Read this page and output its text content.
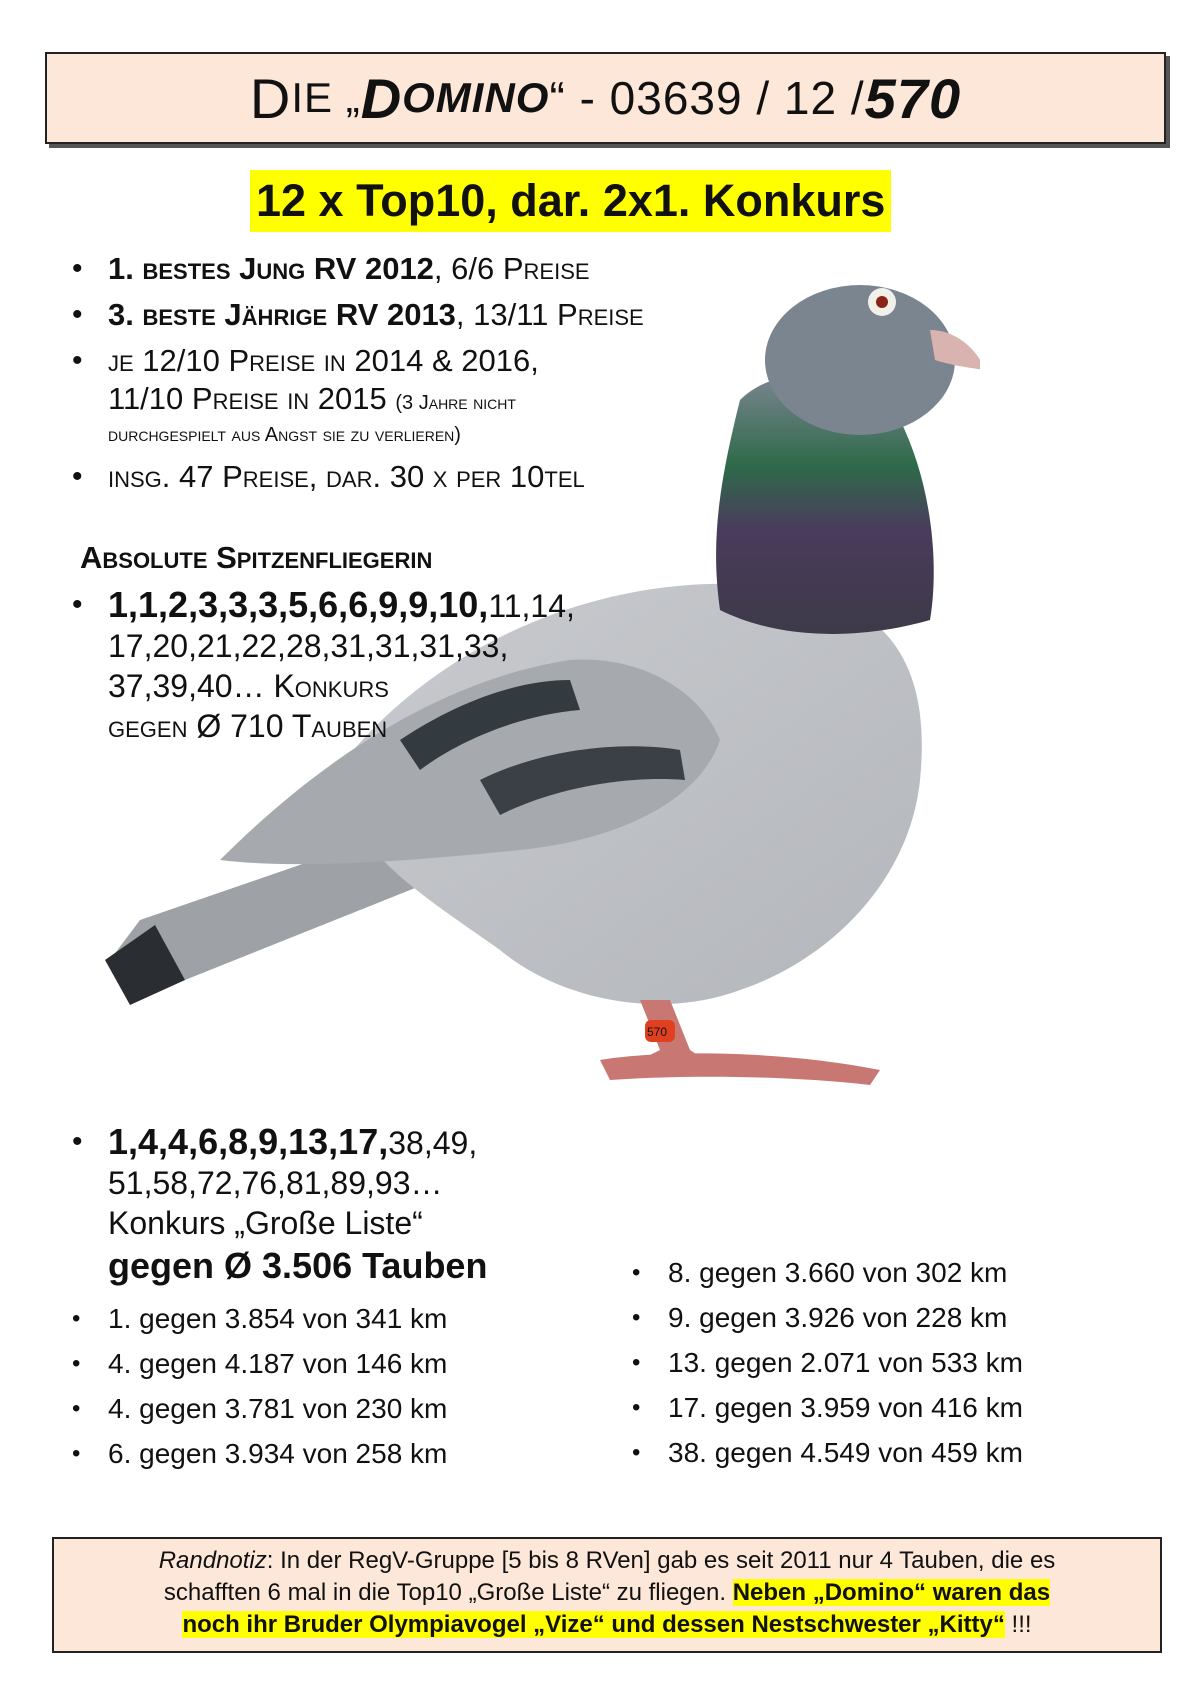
D IE „ D OMINO “ - 03639 / 12 / 570
12 x Top10, dar. 2x1. Konkurs
570
• 1. bestes Jung RV 2012, 6/6 Preise
• 3. beste Jährige RV 2013, 13/11 Preise
• je 12/10 Preise in 2014 & 2016,
11/10 Preise in 2015 (3 Jahre nicht
durchgespielt aus Angst sie zu verlieren)
• insg. 47 Preise, dar. 30 x per 10tel
Absolute Spitzenfliegerin
• 1,1,2,3,3,3,5,6,6,9,9,10,11,14,
17,20,21,22,28,31,31,31,33,
37,39,40… Konkurs
gegen Ø 710 Tauben
• 1,4,4,6,8,9,13,17,38,49,
51,58,72,76,81,89,93…
Konkurs „Große Liste“
gegen Ø 3.506 Tauben
• 1. gegen 3.854 von 341 km
• 4. gegen 4.187 von 146 km
• 4. gegen 3.781 von 230 km
• 6. gegen 3.934 von 258 km
• 8. gegen 3.660 von 302 km
• 9. gegen 3.926 von 228 km
• 13. gegen 2.071 von 533 km
• 17. gegen 3.959 von 416 km
• 38. gegen 4.549 von 459 km
Randnotiz: In der RegV-Gruppe [5 bis 8 RVen] gab es seit 2011 nur 4 Tauben, die es
schafften 6 mal in die Top10 „Große Liste“ zu fliegen. Neben „Domino“ waren das
noch ihr Bruder Olympiavogel „Vize“ und dessen Nestschwester „Kitty“ !!!
